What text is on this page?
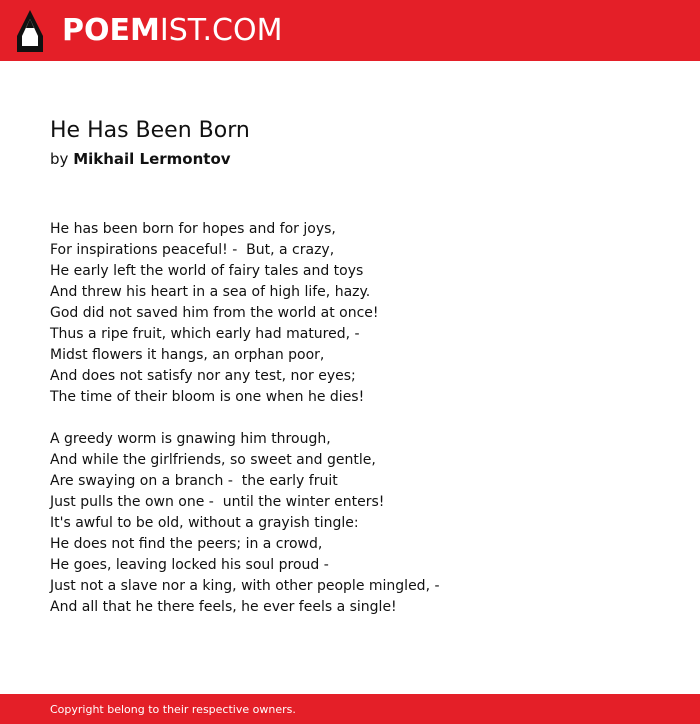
POEMIST.COM
He Has Been Born
by Mikhail Lermontov
He has been born for hopes and for joys,
For inspirations peaceful! -  But, a crazy,
He early left the world of fairy tales and toys
And threw his heart in a sea of high life, hazy.
God did not saved him from the world at once!
Thus a ripe fruit, which early had matured, -
Midst flowers it hangs, an orphan poor,
And does not satisfy nor any test, nor eyes;
The time of their bloom is one when he dies!
A greedy worm is gnawing him through,
And while the girlfriends, so sweet and gentle,
Are swaying on a branch -  the early fruit
Just pulls the own one -  until the winter enters!
It's awful to be old, without a grayish tingle:
He does not find the peers; in a crowd,
He goes, leaving locked his soul proud -
Just not a slave nor a king, with other people mingled, -
And all that he there feels, he ever feels a single!
Copyright belong to their respective owners.
